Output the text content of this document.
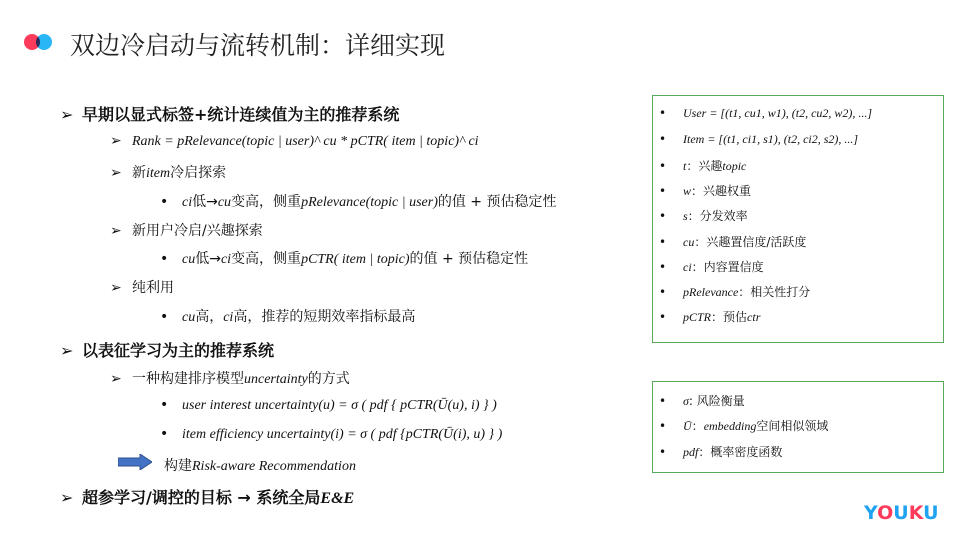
双边冷启动与流转机制：详细实现
➢ 早期以显式标签+统计连续值为主的推荐系统
➢ Rank = pRelevance(topic | user)^ cu * pCTR( item | topic)^ ci
➢ 新item冷启探索
• ci低→cu变高，侧重pRelevance(topic | user)的值 + 预估稳定性
➢ 新用户冷启/兴趣探索
• cu低→ci变高，侧重pCTR( item | topic)的值 + 预估稳定性
➢ 纯利用
• cu高，ci高，推荐的短期效率指标最高
➢ 以表征学习为主的推荐系统
➢ 一种构建排序模型uncertainty的方式
• user interest uncertainty(u) = σ ( pdf { pCTR(Ū(u), i) } )
• item efficiency uncertainty(i) = σ ( pdf {pCTR(Ū(i), u) } )
构建Risk-aware Recommendation
➢ 超参学习/调控的目标 → 系统全局E&E
• User = [(t1, cu1, w1), (t2, cu2, w2), ...]
• Item = [(t1, ci1, s1), (t2, ci2, s2), ...]
• t：兴趣topic
• w：兴趣权重
• s：分发效率
• cu：兴趣置信度/活跃度
• ci：内容置信度
• pRelevance：相关性打分
• pCTR：预估ctr
• σ: 风险衡量
• Ū：embedding空间相似领域
• pdf：概率密度函数
YOUKU
